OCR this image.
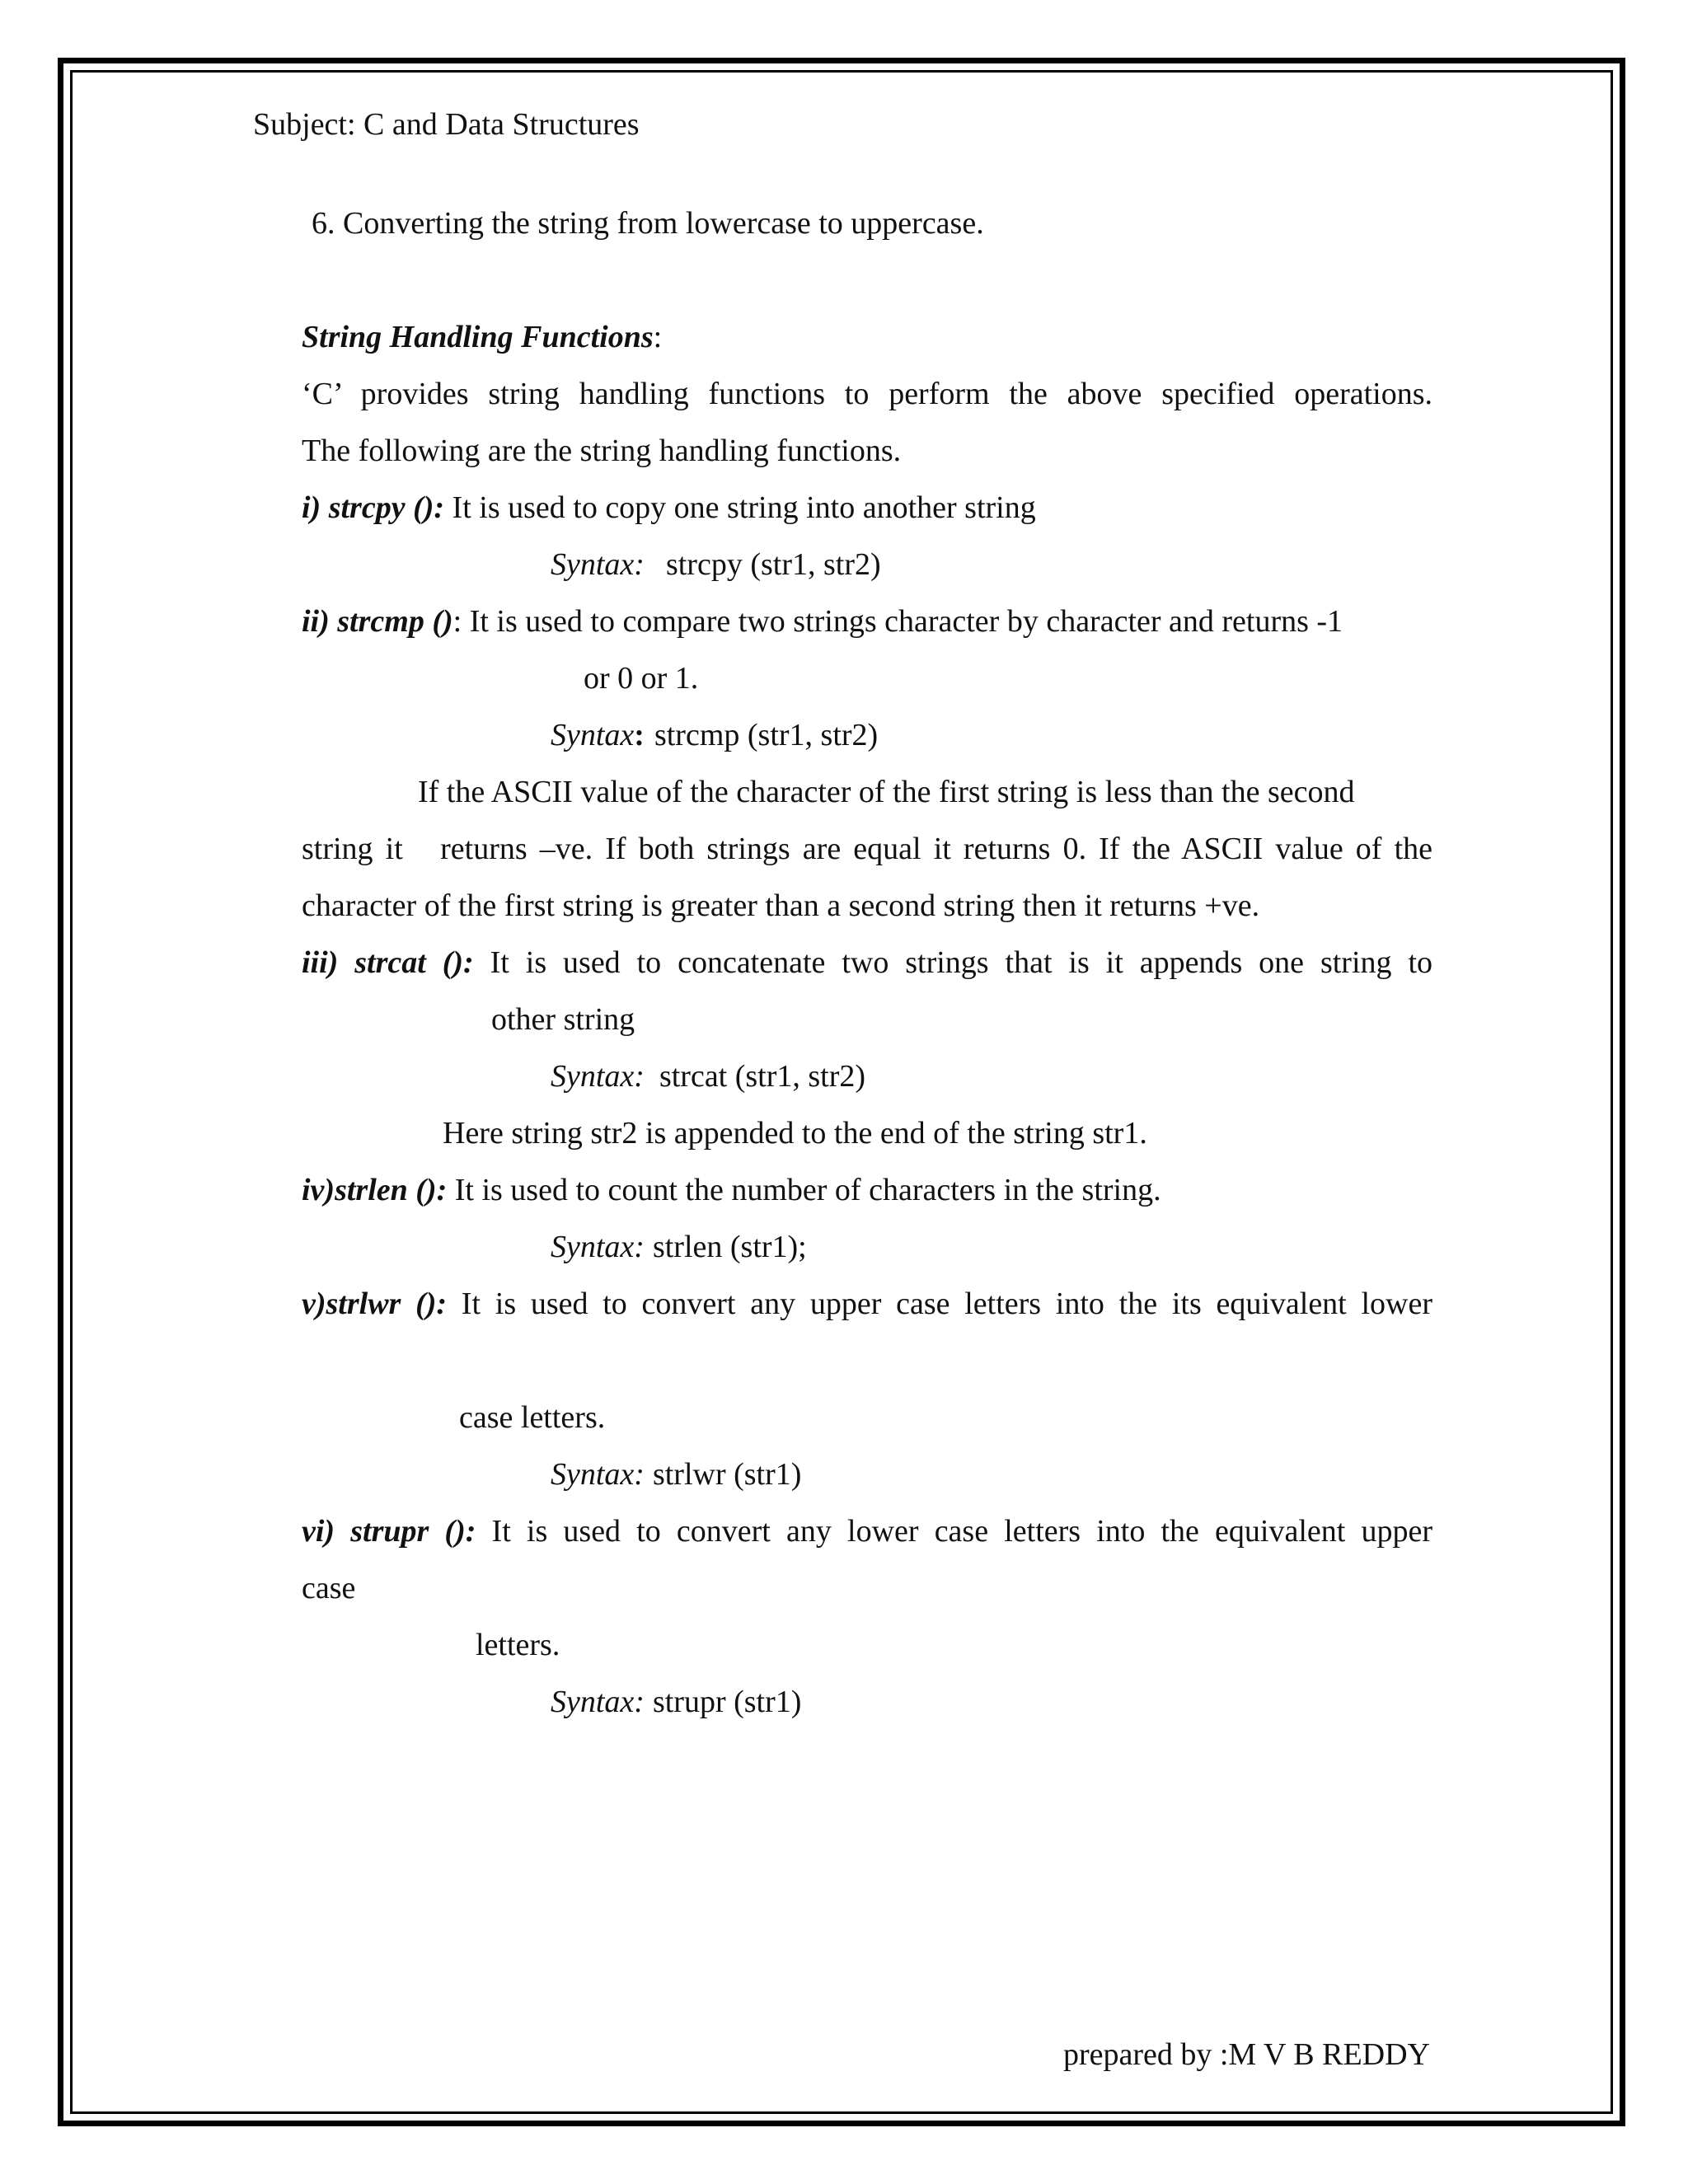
Subject: C and Data Structures
6. Converting the string from lowercase to uppercase.
String Handling Functions:
‘C’ provides string handling functions to perform the above specified operations.
The following are the string handling functions.
i) strcpy (): It is used to copy one string into another string
Syntax: strcpy (str1, str2)
ii) strcmp (): It is used to compare two strings character by character and returns -1
or 0 or 1.
Syntax: strcmp (str1, str2)
If the ASCII value of the character of the first string is less than the second
string it   returns –ve. If both strings are equal it returns 0. If the ASCII value of the
character of the first string is greater than a second string then it returns +ve.
iii) strcat (): It is used to concatenate two strings that is it appends one string to
other string
Syntax: strcat (str1, str2)
Here string str2 is appended to the end of the string str1.
iv)strlen (): It is used to count the number of characters in the string.
Syntax: strlen (str1);
v)strlwr (): It is used to convert any upper case letters into the its equivalent lower
case letters.
Syntax: strlwr (str1)
vi) strupr (): It is used to convert any lower case letters into the equivalent upper
case
letters.
Syntax: strupr (str1)
prepared by :M V B REDDY
